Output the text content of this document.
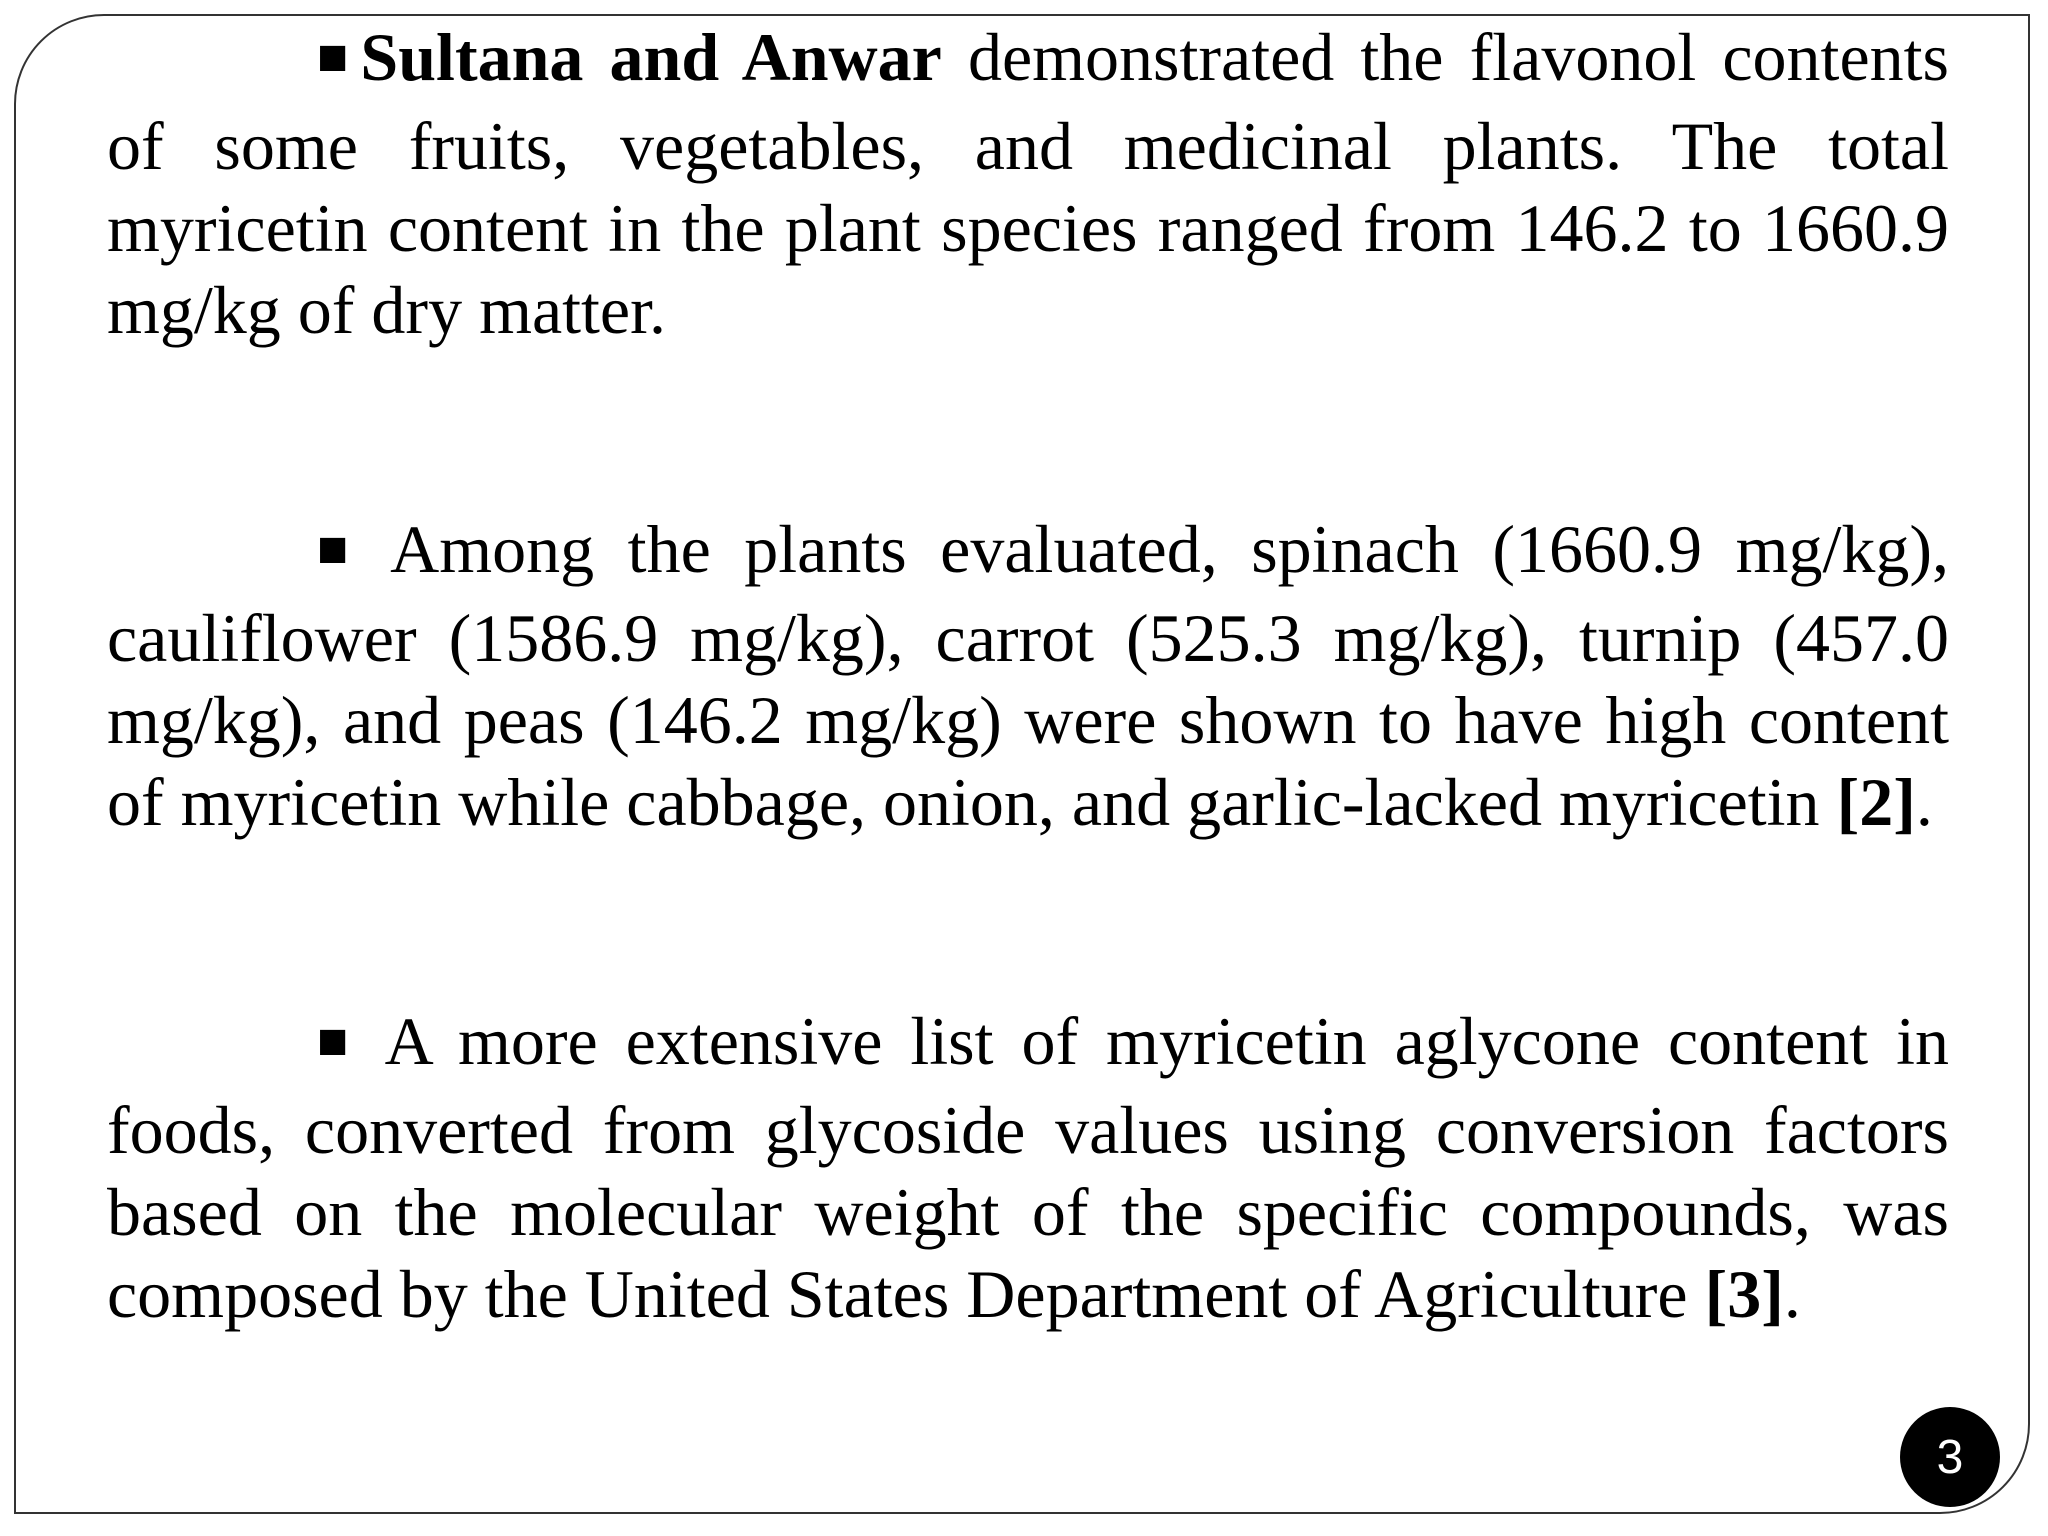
■ Sultana and Anwar demonstrated the flavonol contents of some fruits, vegetables, and medicinal plants. The total myricetin content in the plant species ranged from 146.2 to 1660.9 mg/kg of dry matter.

■ Among the plants evaluated, spinach (1660.9 mg/kg), cauliflower (1586.9 mg/kg), carrot (525.3 mg/kg), turnip (457.0 mg/kg), and peas (146.2 mg/kg) were shown to have high content of myricetin while cabbage, onion, and garlic-lacked myricetin [2].

■ A more extensive list of myricetin aglycone content in foods, converted from glycoside values using conversion factors based on the molecular weight of the specific compounds, was composed by the United States Department of Agriculture [3].

3
